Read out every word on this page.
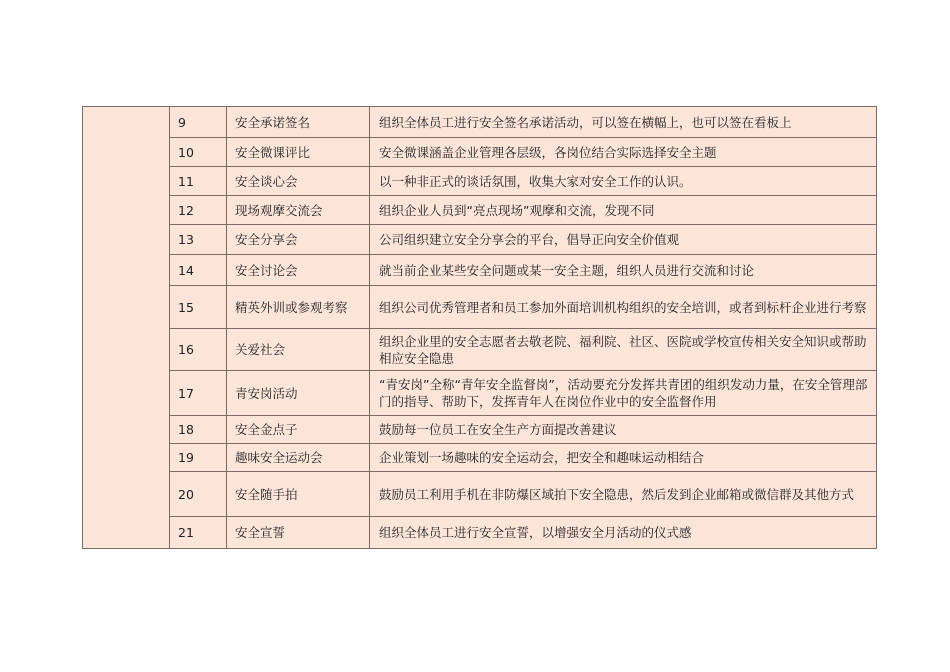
	9	安全承诺签名	组织全体员工进行安全签名承诺活动，可以签在横幅上，也可以签在看板上

	10	安全微课评比	安全微课涵盖企业管理各层级，各岗位结合实际选择安全主题

	11	安全谈心会	以一种非正式的谈话氛围，收集大家对安全工作的认识。

	12	现场观摩交流会	组织企业人员到“亮点现场”观摩和交流，发现不同

	13	安全分享会	公司组织建立安全分享会的平台，倡导正向安全价值观

	14	安全讨论会	就当前企业某些安全问题或某一安全主题，组织人员进行交流和讨论

	15	精英外训或参观考察	组织公司优秀管理者和员工参加外面培训机构组织的安全培训，或者到标杆企业进行考察

	16	关爱社会	组织企业里的安全志愿者去敬老院、福利院、社区、医院或学校宣传相关安全知识或帮助相应安全隐患

	17	青安岗活动	“青安岗”全称“青年安全监督岗”，活动要充分发挥共青团的组织发动力量，在安全管理部门的指导、帮助下，发挥青年人在岗位作业中的安全监督作用

	18	安全金点子	鼓励每一位员工在安全生产方面提改善建议

	19	趣味安全运动会	企业策划一场趣味的安全运动会，把安全和趣味运动相结合

	20	安全随手拍	鼓励员工利用手机在非防爆区域拍下安全隐患，然后发到企业邮箱或微信群及其他方式

	21	安全宣誓	组织全体员工进行安全宣誓，以增强安全月活动的仪式感
